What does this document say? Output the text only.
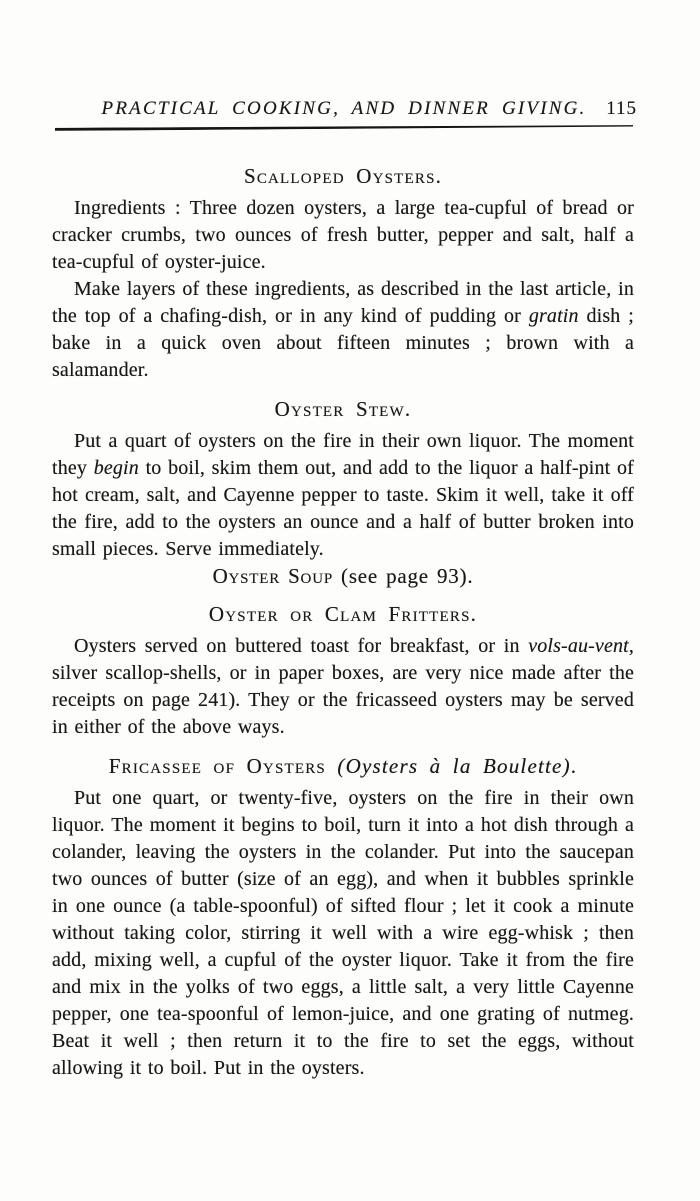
PRACTICAL COOKING, AND DINNER GIVING.	115
Scalloped Oysters.

Ingredients : Three dozen oysters, a large tea-cupful of bread or cracker crumbs, two ounces of fresh butter, pepper and salt, half a tea-cupful of oyster-juice.

Make layers of these ingredients, as described in the last article, in the top of a chafing-dish, or in any kind of pudding or gratin dish ; bake in a quick oven about fifteen minutes ; brown with a salamander.

Oyster Stew.

Put a quart of oysters on the fire in their own liquor. The moment they begin to boil, skim them out, and add to the liquor a half-pint of hot cream, salt, and Cayenne pepper to taste. Skim it well, take it off the fire, add to the oysters an ounce and a half of butter broken into small pieces. Serve immediately.

Oyster Soup (see page 93).
Oyster or Clam Fritters.

Oysters served on buttered toast for breakfast, or in vols-au-vent, silver scallop-shells, or in paper boxes, are very nice made after the receipts on page 241). They or the fricasseed oysters may be served in either of the above ways.

Fricassee of Oysters (Oysters à la Boulette).

Put one quart, or twenty-five, oysters on the fire in their own liquor. The moment it begins to boil, turn it into a hot dish through a colander, leaving the oysters in the colander. Put into the saucepan two ounces of butter (size of an egg), and when it bubbles sprinkle in one ounce (a table-spoonful) of sifted flour ; let it cook a minute without taking color, stirring it well with a wire egg-whisk ; then add, mixing well, a cupful of the oyster liquor. Take it from the fire and mix in the yolks of two eggs, a little salt, a very little Cayenne pepper, one tea-spoonful of lemon-juice, and one grating of nutmeg. Beat it well ; then return it to the fire to set the eggs, without allowing it to boil. Put in the oysters.
